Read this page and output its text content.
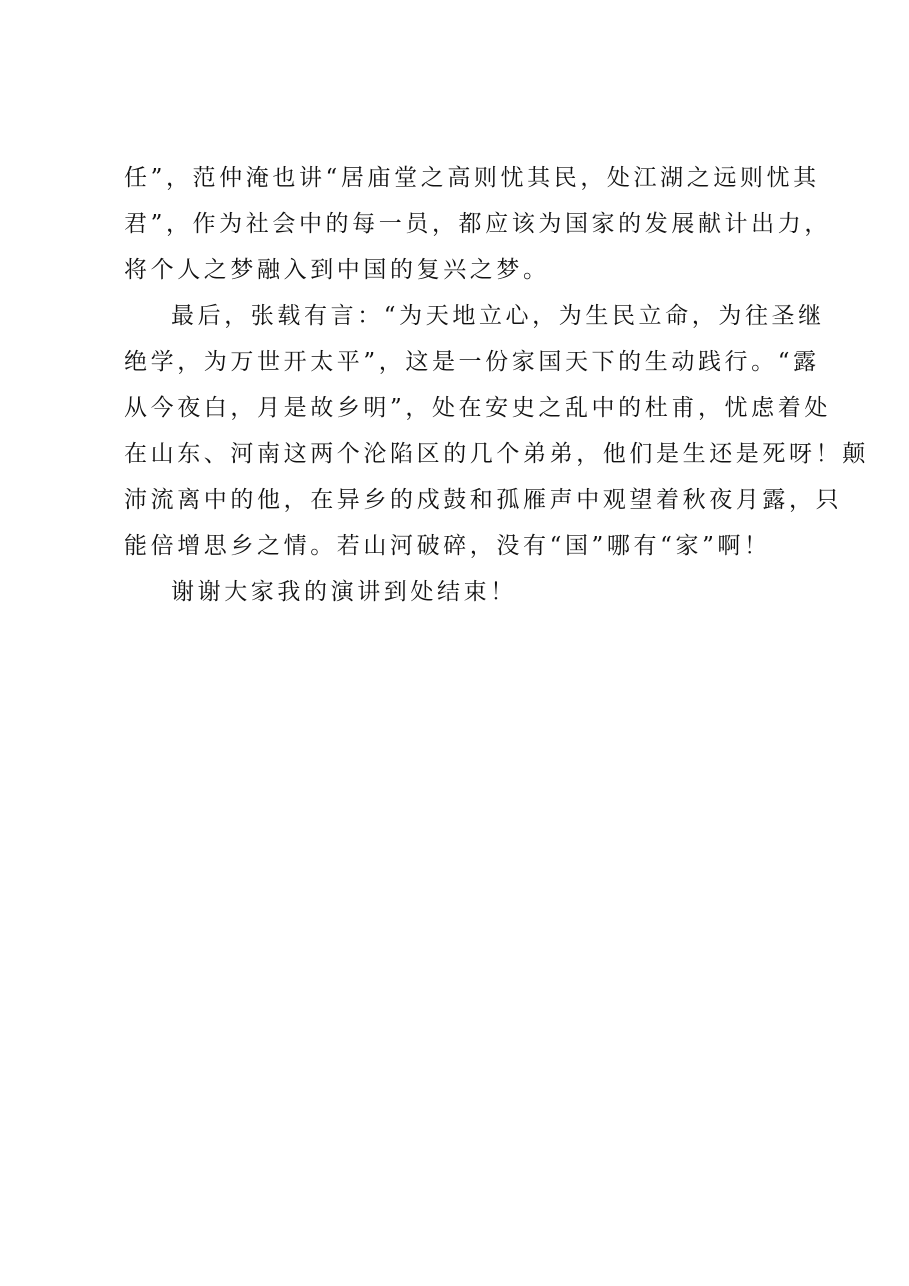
任”，范仲淹也讲“居庙堂之高则忧其民，处江湖之远则忧其

君”，作为社会中的每一员，都应该为国家的发展献计出力，

将个人之梦融入到中国的复兴之梦。

最后，张载有言：“为天地立心，为生民立命，为往圣继

绝学，为万世开太平”，这是一份家国天下的生动践行。“露

从今夜白，月是故乡明”，处在安史之乱中的杜甫，忧虑着处

在山东、河南这两个沦陷区的几个弟弟，他们是生还是死呀！颠

沛流离中的他，在异乡的戍鼓和孤雁声中观望着秋夜月露，只

能倍增思乡之情。若山河破碎，没有“国”哪有“家”啊！

谢谢大家我的演讲到处结束！
